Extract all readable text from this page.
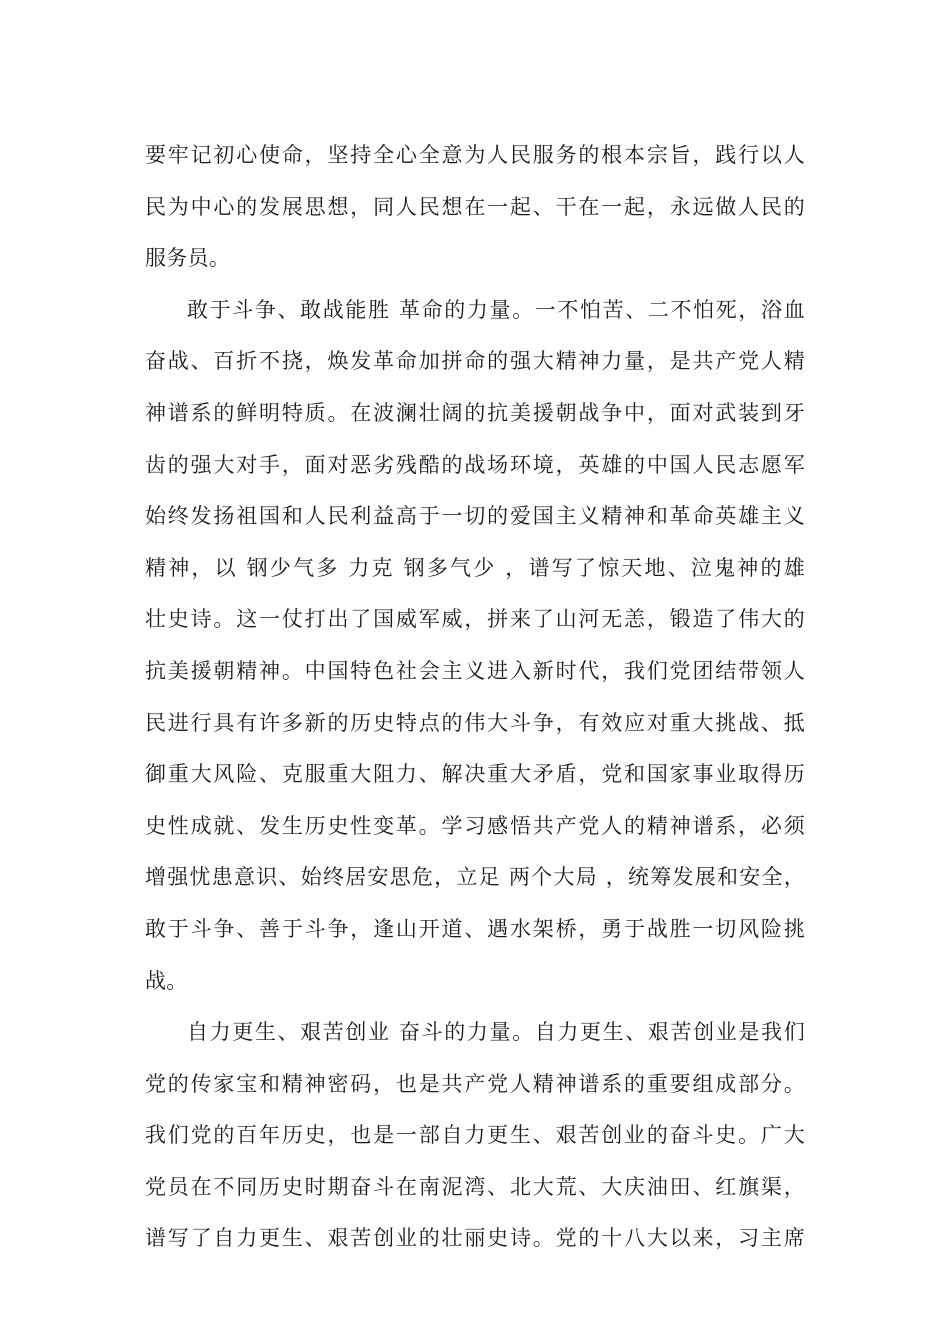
要牢记初心使命，坚持全心全意为人民服务的根本宗旨，践行以人
民为中心的发展思想，同人民想在一起、干在一起，永远做人民的
服务员。
敢于斗争、敢战能胜 革命的力量。一不怕苦、二不怕死，浴血
奋战、百折不挠，焕发革命加拼命的强大精神力量，是共产党人精
神谱系的鲜明特质。在波澜壮阔的抗美援朝战争中，面对武装到牙
齿的强大对手，面对恶劣残酷的战场环境，英雄的中国人民志愿军
始终发扬祖国和人民利益高于一切的爱国主义精神和革命英雄主义
精神，以 钢少气多 力克 钢多气少 ，谱写了惊天地、泣鬼神的雄
壮史诗。这一仗打出了国威军威，拼来了山河无恙，锻造了伟大的
抗美援朝精神。中国特色社会主义进入新时代，我们党团结带领人
民进行具有许多新的历史特点的伟大斗争，有效应对重大挑战、抵
御重大风险、克服重大阻力、解决重大矛盾，党和国家事业取得历
史性成就、发生历史性变革。学习感悟共产党人的精神谱系，必须
增强忧患意识、始终居安思危，立足 两个大局 ，统筹发展和安全，
敢于斗争、善于斗争，逢山开道、遇水架桥，勇于战胜一切风险挑
战。
自力更生、艰苦创业 奋斗的力量。自力更生、艰苦创业是我们
党的传家宝和精神密码，也是共产党人精神谱系的重要组成部分。
我们党的百年历史，也是一部自力更生、艰苦创业的奋斗史。广大
党员在不同历史时期奋斗在南泥湾、北大荒、大庆油田、红旗渠，
谱写了自力更生、艰苦创业的壮丽史诗。党的十八大以来，习主席
